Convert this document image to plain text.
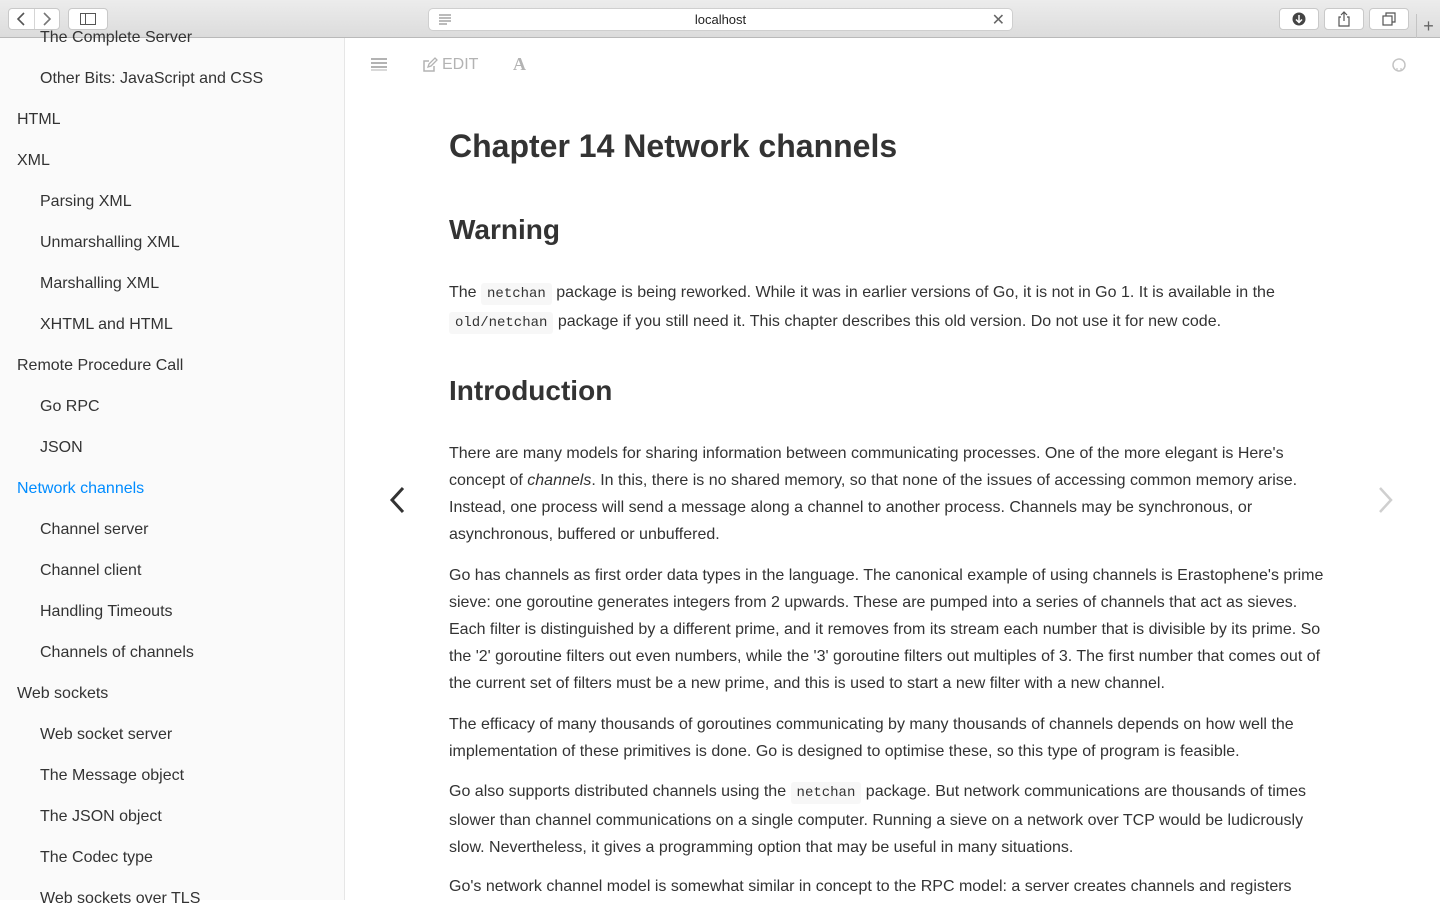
localhost	✕	+
The Complete Server
Other Bits: JavaScript and CSS
HTML
XML
Parsing XML
Unmarshalling XML
Marshalling XML
XHTML and HTML
Remote Procedure Call
Go RPC
JSON
Network channels
Channel server
Channel client
Handling Timeouts
Channels of channels
Web sockets
Web socket server
The Message object
The JSON object
The Codec type
Web sockets over TLS
EDIT A
Chapter 14 Network channels
Warning

The netchan package is being reworked. While it was in earlier versions of Go, it is not in Go 1. It is available in the old/netchan package if you still need it. This chapter describes this old version. Do not use it for new code.

Introduction

There are many models for sharing information between communicating processes. One of the more elegant is Here's concept of channels. In this, there is no shared memory, so that none of the issues of accessing common memory arise. Instead, one process will send a message along a channel to another process. Channels may be synchronous, or asynchronous, buffered or unbuffered.

Go has channels as first order data types in the language. The canonical example of using channels is Erastophene's prime sieve: one goroutine generates integers from 2 upwards. These are pumped into a series of channels that act as sieves. Each filter is distinguished by a different prime, and it removes from its stream each number that is divisible by its prime. So the '2' goroutine filters out even numbers, while the '3' goroutine filters out multiples of 3. The first number that comes out of the current set of filters must be a new prime, and this is used to start a new filter with a new channel.

The efficacy of many thousands of goroutines communicating by many thousands of channels depends on how well the implementation of these primitives is done. Go is designed to optimise these, so this type of program is feasible.

Go also supports distributed channels using the netchan package. But network communications are thousands of times slower than channel communications on a single computer. Running a sieve on a network over TCP would be ludicrously slow. Nevertheless, it gives a programming option that may be useful in many situations.

Go's network channel model is somewhat similar in concept to the RPC model: a server creates channels and registers
